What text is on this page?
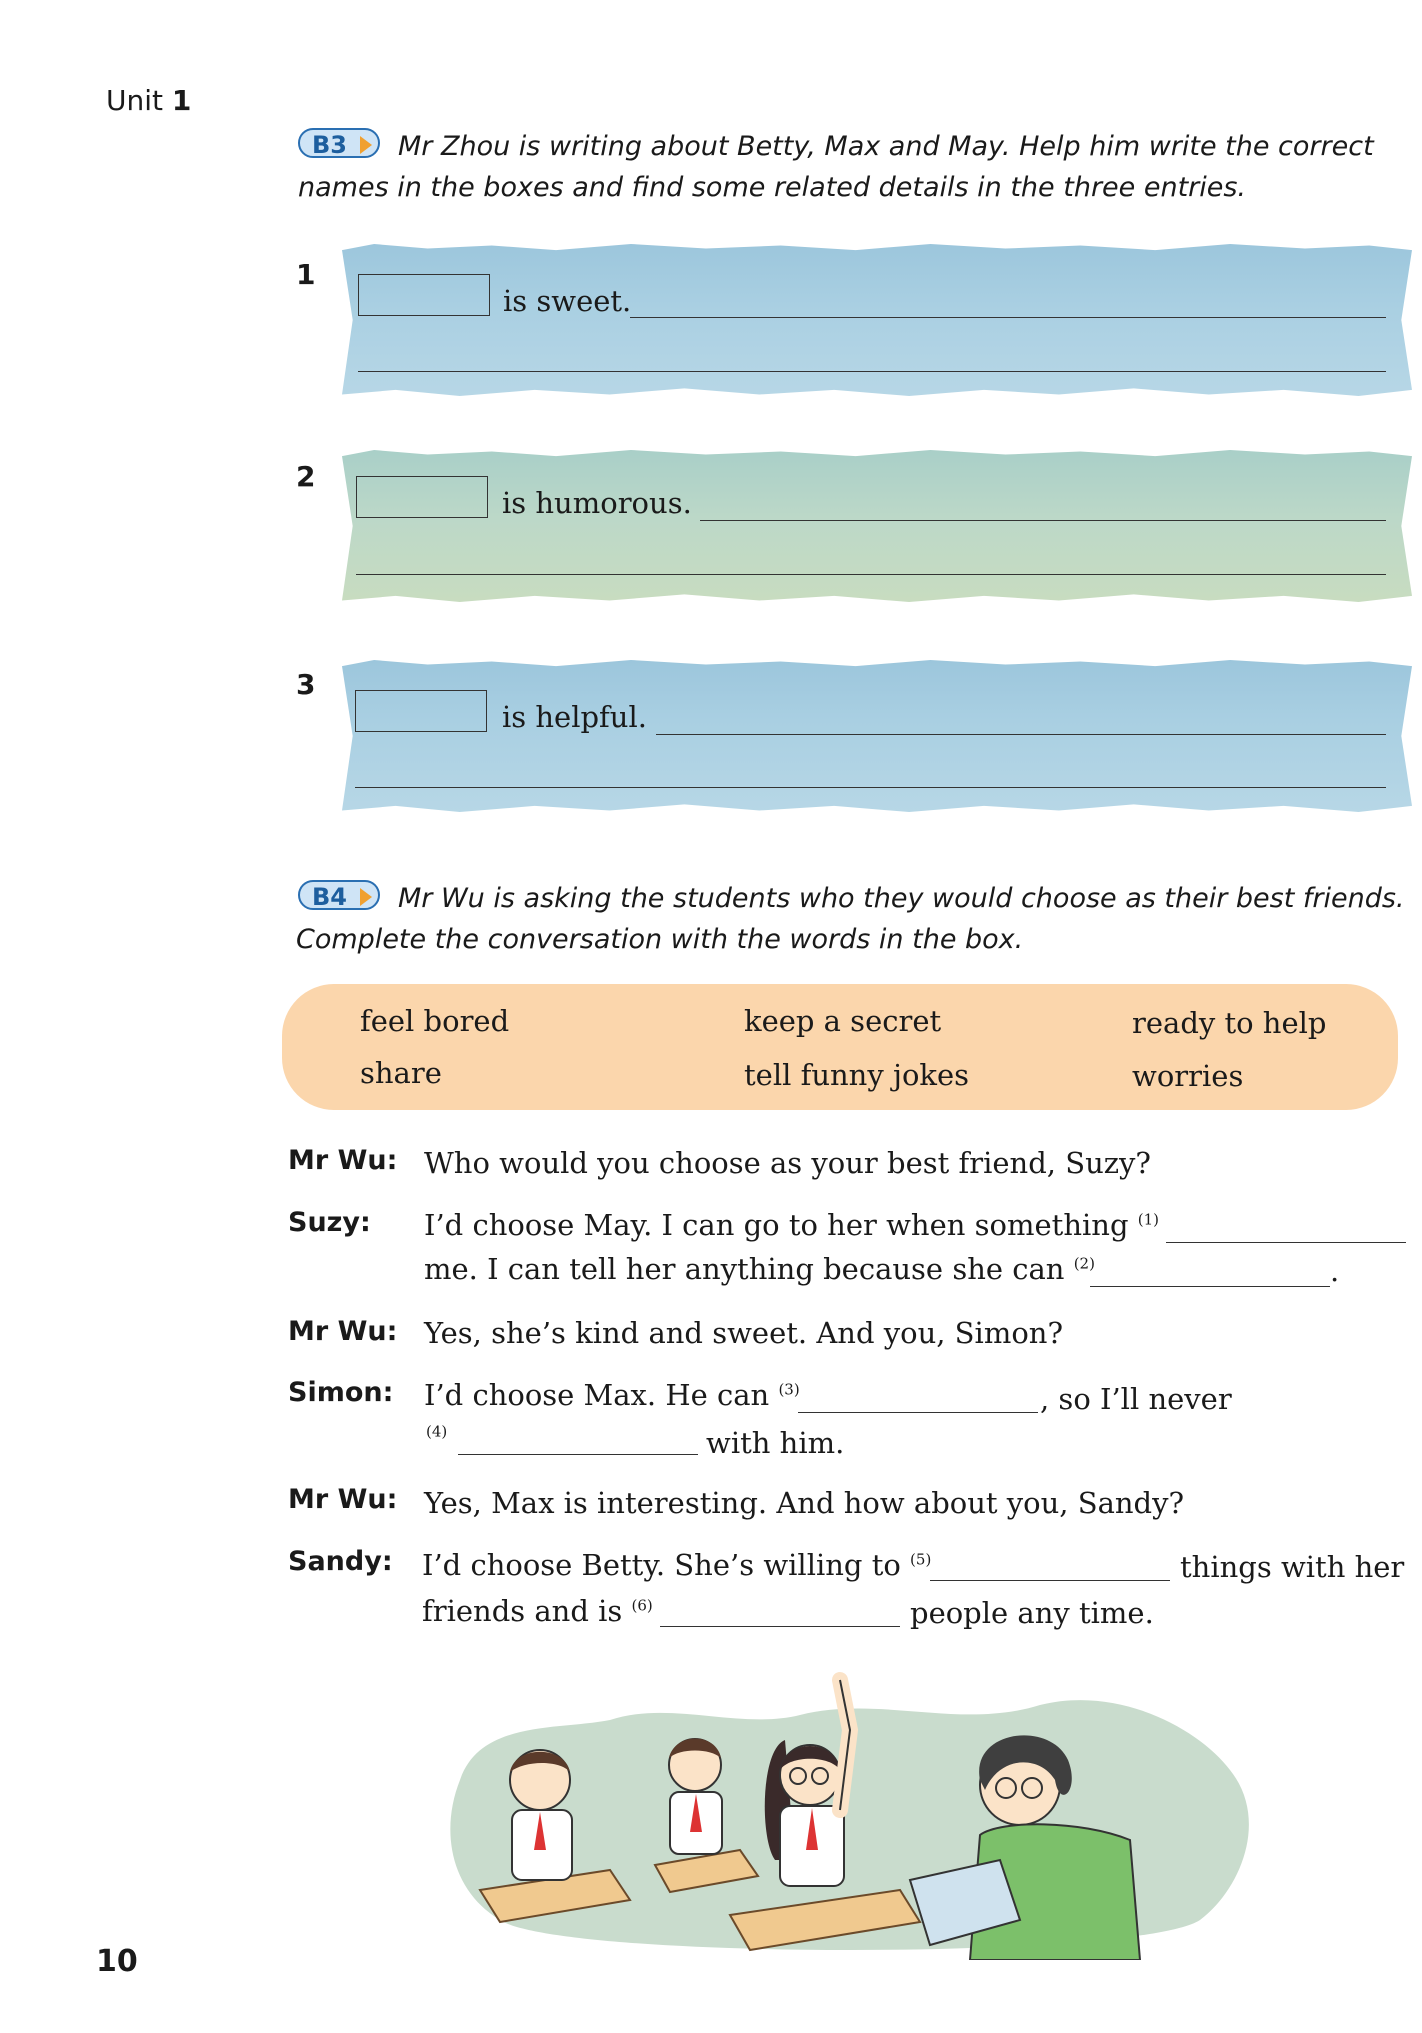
Unit 1
B3	Mr Zhou is writing about Betty, Max and May. Help him write the correct
names in the boxes and find some related details in the three entries.
1
is sweet.
2
is humorous.
3
is helpful.
B4	Mr Wu is asking the students who they would choose as their best friends.
Complete the conversation with the words in the box.
feel bored	keep a secret	ready to help
share	tell funny jokes	worries
Mr Wu: Who would you choose as your best friend, Suzy?
Suzy: I’d choose May. I can go to her when something $^{(1)}$
me. I can tell her anything because she can $^{(2)}$	.
Mr Wu: Yes, she’s kind and sweet. And you, Simon?
Simon: I’d choose Max. He can $^{(3)}$	, so I’ll never
$^{(4)}$	with him.
Mr Wu: Yes, Max is interesting. And how about you, Sandy?
Sandy: I’d choose Betty. She’s willing to $^{(5)}$	things with her
friends and is $^{(6)}$	people any time.
10
